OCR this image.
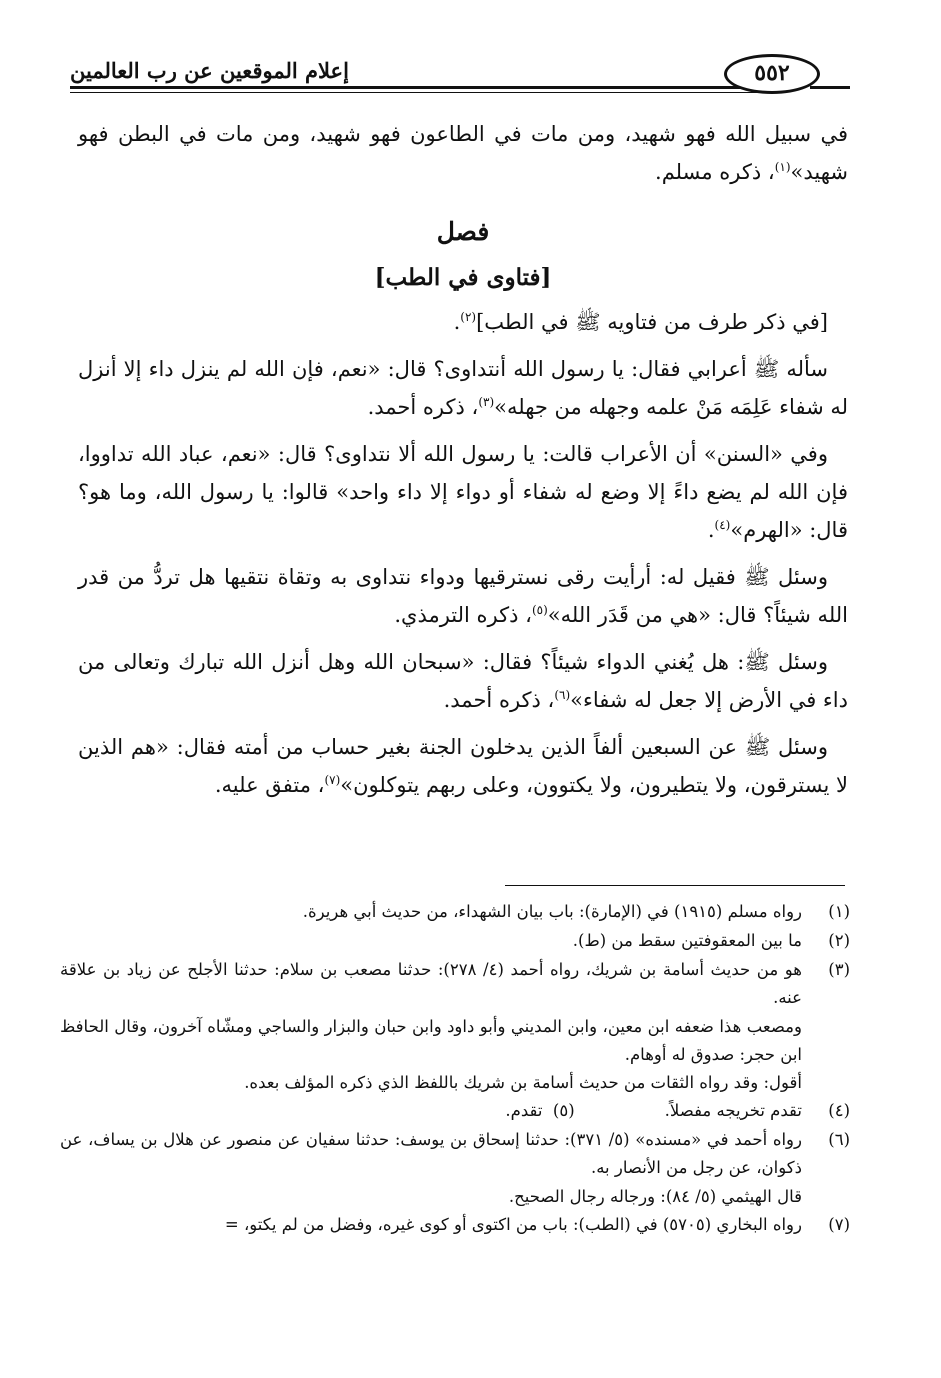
إعلام الموقعين عن رب العالمين	٥٥٢

في سبيل الله فهو شهيد، ومن مات في الطاعون فهو شهيد، ومن مات في البطن فهو شهيد»$^{(١)}$، ذكره مسلم.

فصل
[فتاوى في الطب]

[في ذكر طرف من فتاويه ﷺ في الطب]$^{(٢)}$.

سأله ﷺ أعرابي فقال: يا رسول الله أنتداوى؟ قال: «نعم، فإن الله لم ينزل داء إلا أنزل له شفاء عَلِمَه مَنْ علمه وجهله من جهله»$^{(٣)}$، ذكره أحمد.

وفي «السنن» أن الأعراب قالت: يا رسول الله ألا نتداوى؟ قال: «نعم، عباد الله تداووا، فإن الله لم يضع داءً إلا وضع له شفاء أو دواء إلا داء واحد» قالوا: يا رسول الله، وما هو؟ قال: «الهرم»$^{(٤)}$.

وسئل ﷺ فقيل له: أرأيت رقى نسترقيها ودواء نتداوى به وتقاة نتقيها هل تردُّ من قدر الله شيئاً؟ قال: «هي من قَدَر الله»$^{(٥)}$، ذكره الترمذي.

وسئل ﷺ: هل يُغني الدواء شيئاً؟ فقال: «سبحان الله وهل أنزل الله تبارك وتعالى من داء في الأرض إلا جعل له شفاء»$^{(٦)}$، ذكره أحمد.

وسئل ﷺ عن السبعين ألفاً الذين يدخلون الجنة بغير حساب من أمته فقال: «هم الذين لا يسترقون، ولا يتطيرون، ولا يكتوون، وعلى ربهم يتوكلون»$^{(٧)}$، متفق عليه.

(١)
رواه مسلم (١٩١٥) في (الإمارة): باب بيان الشهداء، من حديث أبي هريرة.
(٢)
ما بين المعقوفتين سقط من (ط).
(٣)
هو من حديث أسامة بن شريك، رواه أحمد (٤/ ٢٧٨): حدثنا مصعب بن سلام: حدثنا الأجلح عن زياد بن علاقة عنه.
ومصعب هذا ضعفه ابن معين، وابن المديني وأبو داود وابن حبان والبزار والساجي ومشّاه آخرون، وقال الحافظ ابن حجر: صدوق له أوهام.
أقول: وقد رواه الثقات من حديث أسامة بن شريك باللفظ الذي ذكره المؤلف بعده.
(٤)
تقدم تخريجه مفصلاً.
(٥)

تقدم.
(٦)
رواه أحمد في «مسنده» (٥/ ٣٧١): حدثنا إسحاق بن يوسف: حدثنا سفيان عن منصور عن هلال بن يساف، عن ذكوان، عن رجل من الأنصار به.
قال الهيثمي (٥/ ٨٤): ورجاله رجال الصحيح.
(٧)
رواه البخاري (٥٧٠٥) في (الطب): باب من اكتوى أو كوى غيره، وفضل من لم يكتو، =
